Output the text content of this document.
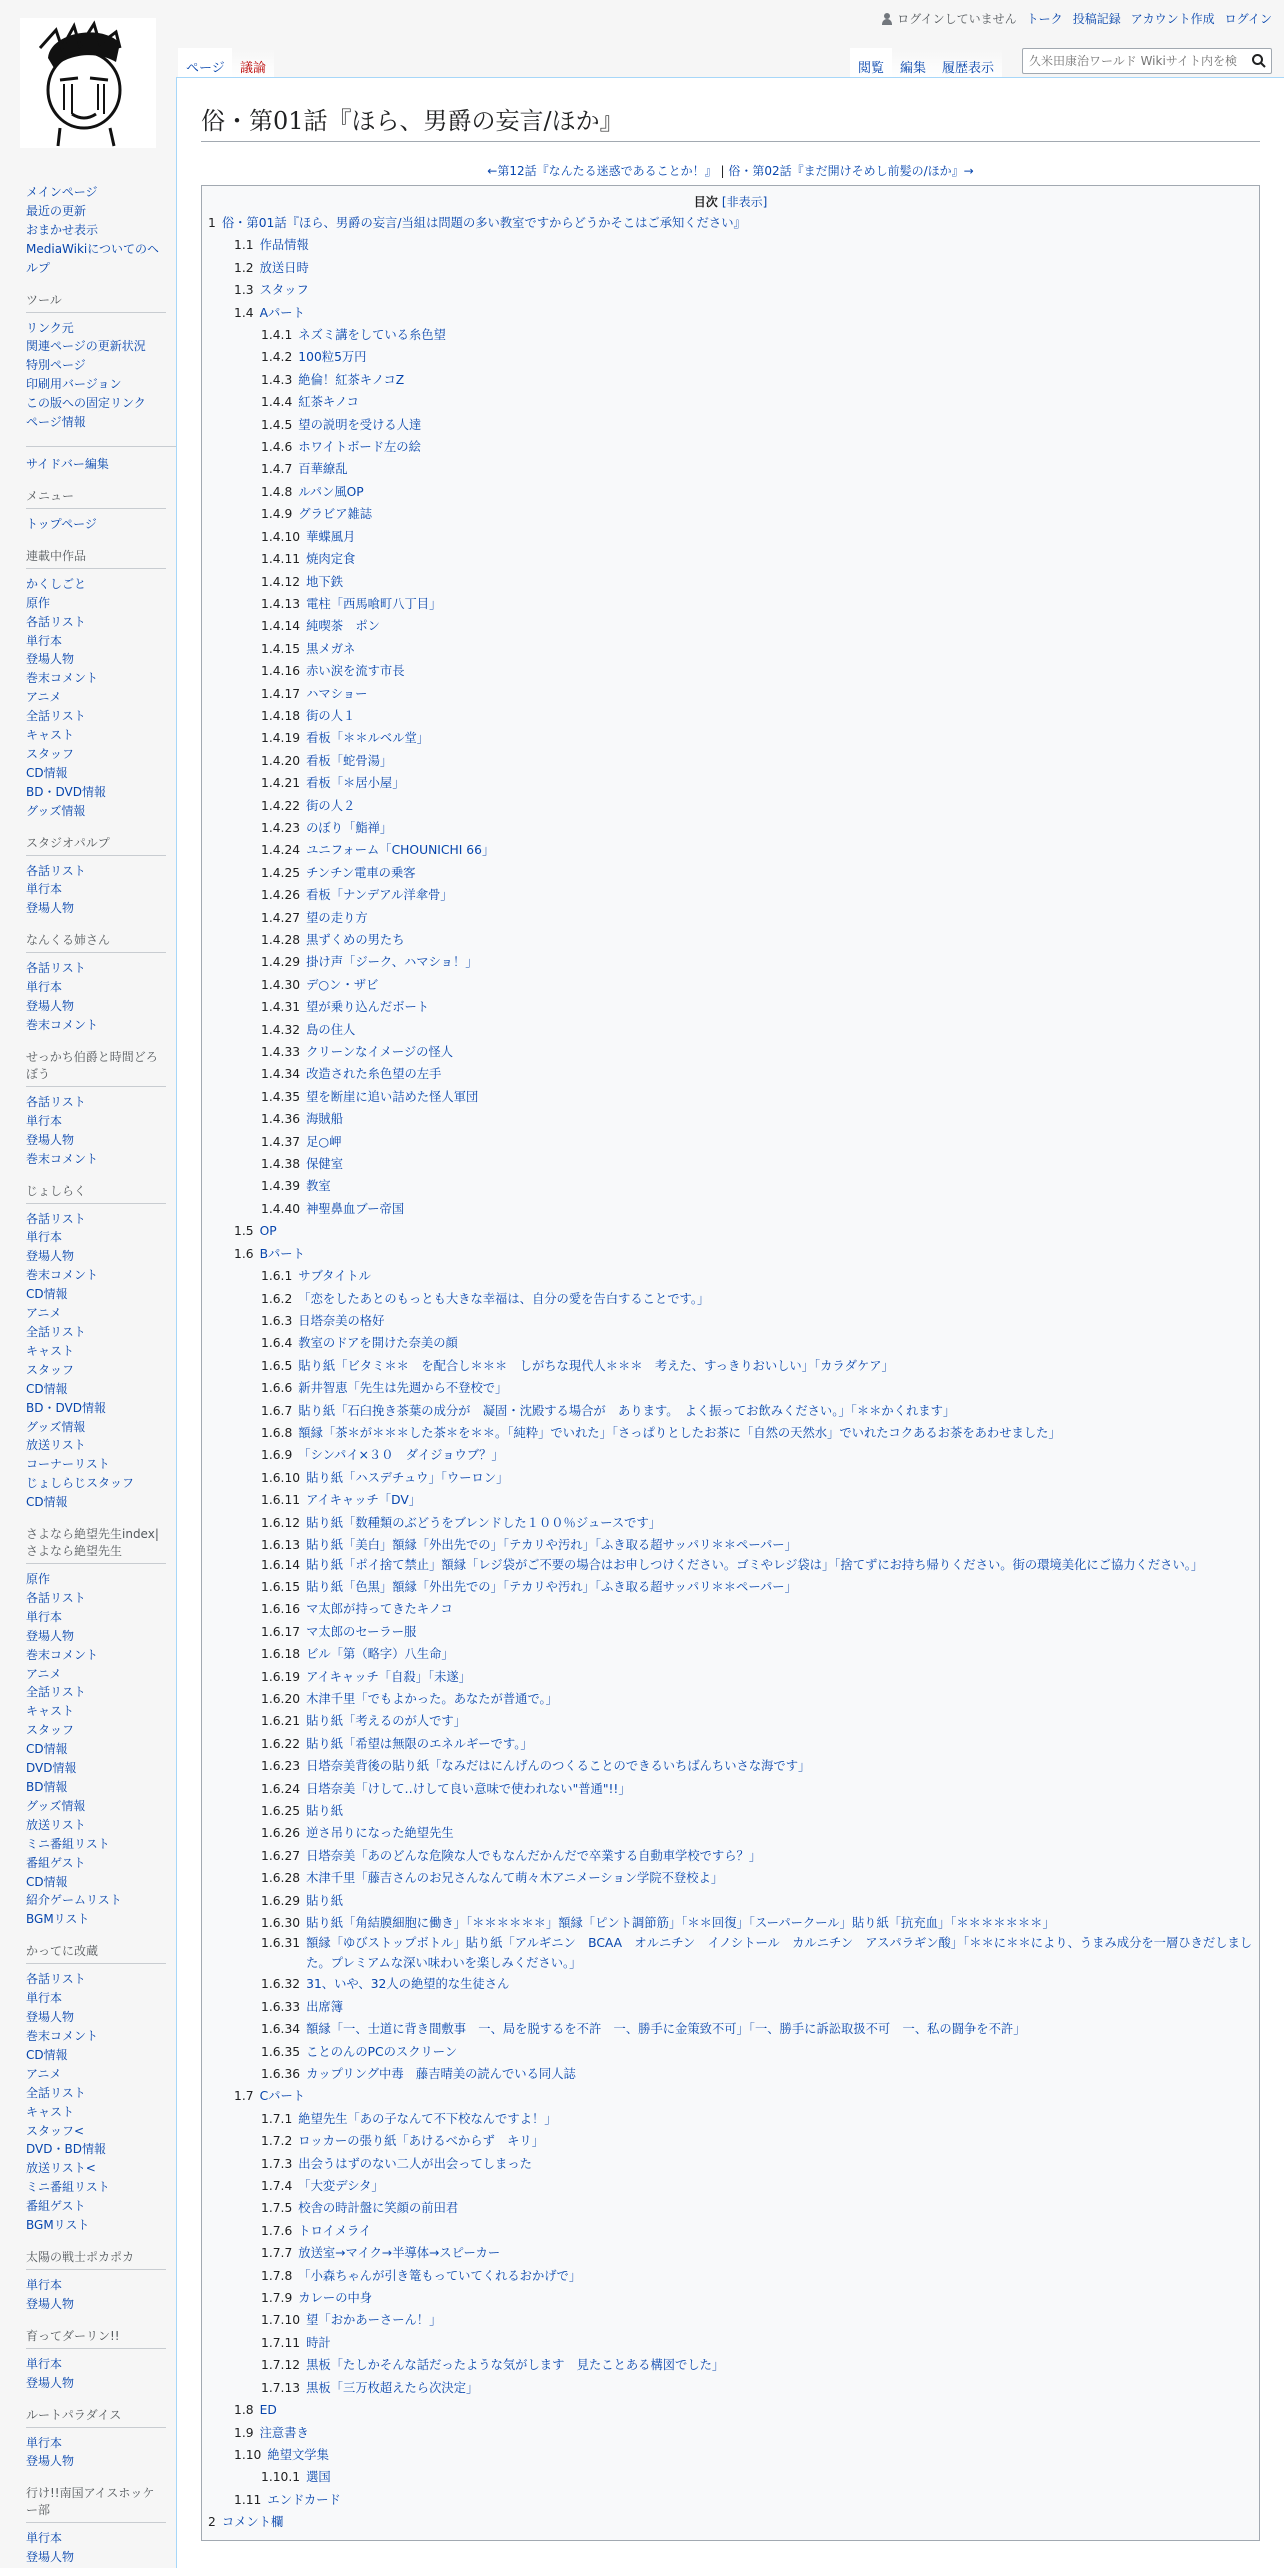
ログインしていません トーク 投稿記録 アカウント作成 ログイン
ページ	議論	閲覧	編集	履歴表示
久米田康治ワールド Wikiサイト内を検索
メインページ
最近の更新
おまかせ表示
MediaWikiについてのヘルプ
ツール
リンク元
関連ページの更新状況
特別ページ
印刷用バージョン
この版への固定リンク
ページ情報
サイドバー編集
メニュー
トップページ
連載中作品
かくしごと
原作
各話リスト
単行本
登場人物
巻末コメント
アニメ
全話リスト
キャスト
スタッフ
CD情報
BD・DVD情報
グッズ情報
スタジオパルプ
各話リスト
単行本
登場人物
なんくる姉さん
各話リスト
単行本
登場人物
巻末コメント
せっかち伯爵と時間どろぼう
各話リスト
単行本
登場人物
巻末コメント
じょしらく
各話リスト
単行本
登場人物
巻末コメント
CD情報
アニメ
全話リスト
キャスト
スタッフ
CD情報
BD・DVD情報
グッズ情報
放送リスト
コーナーリスト
じょしらじスタッフ
CD情報
さよなら絶望先生index|さよなら絶望先生
原作
各話リスト
単行本
登場人物
巻末コメント
アニメ
全話リスト
キャスト
スタッフ
CD情報
DVD情報
BD情報
グッズ情報
放送リスト
ミニ番組リスト
番組ゲスト
CD情報
紹介ゲームリスト
BGMリスト
かってに改蔵
各話リスト
単行本
登場人物
巻末コメント
CD情報
アニメ
全話リスト
キャスト
スタッフ<
DVD・BD情報
放送リスト<
ミニ番組リスト
番組ゲスト
BGMリスト
太陽の戦士ポカポカ
単行本
登場人物
育ってダーリン!!
単行本
登場人物
ルートパラダイス
単行本
登場人物
行け!!南国アイスホッケー部
単行本
登場人物
俗・第01話『ほら、男爵の妄言/ほか』
←第12話『なんたる迷惑であることか！』 | 俗・第02話『まだ開けそめし前髪の/ほか』→
目次 [非表示]
1 俗・第01話『ほら、男爵の妄言/当組は問題の多い教室ですからどうかそこはご承知ください』
1.1 作品情報
1.2 放送日時
1.3 スタッフ
1.4 Aパート
1.4.1 ネズミ講をしている糸色望
1.4.2 100粒5万円
1.4.3 絶倫！紅茶キノコZ
1.4.4 紅茶キノコ
1.4.5 望の説明を受ける人達
1.4.6 ホワイトボード左の絵
1.4.7 百華繚乱
1.4.8 ルパン風OP
1.4.9 グラビア雑誌
1.4.10 華蝶風月
1.4.11 焼肉定食
1.4.12 地下鉄
1.4.13 電柱「西馬喰町八丁目」
1.4.14 純喫茶　ポン
1.4.15 黒メガネ
1.4.16 赤い涙を流す市長
1.4.17 ハマショー
1.4.18 街の人１
1.4.19 看板「＊＊ルベル堂」
1.4.20 看板「蛇骨湯」
1.4.21 看板「＊居小屋」
1.4.22 街の人２
1.4.23 のぼり「鮨禅」
1.4.24 ユニフォーム「CHOUNICHI 66」
1.4.25 チンチン電車の乗客
1.4.26 看板「ナンデアル洋傘骨」
1.4.27 望の走り方
1.4.28 黒ずくめの男たち
1.4.29 掛け声「ジーク、ハマショ！」
1.4.30 デ○ン・ザビ
1.4.31 望が乗り込んだボート
1.4.32 島の住人
1.4.33 クリーンなイメージの怪人
1.4.34 改造された糸色望の左手
1.4.35 望を断崖に追い詰めた怪人軍団
1.4.36 海賊船
1.4.37 足○岬
1.4.38 保健室
1.4.39 教室
1.4.40 神聖鼻血ブー帝国
1.5 OP
1.6 Bパート
1.6.1 サブタイトル
1.6.2 「恋をしたあとのもっとも大きな幸福は、自分の愛を告白することです。」
1.6.3 日塔奈美の格好
1.6.4 教室のドアを開けた奈美の顔
1.6.5 貼り紙「ビタミ＊＊　を配合し＊＊＊　しがちな現代人＊＊＊　考えた、すっきりおいしい」「カラダケア」
1.6.6 新井智恵「先生は先週から不登校で」
1.6.7 貼り紙「石臼挽き茶葉の成分が　凝固・沈殿する場合が　あります。　よく振ってお飲みください。」「＊＊かくれます」
1.6.8 額縁「茶＊が＊＊＊した茶＊を＊＊。「純粋」でいれた」「さっぱりとしたお茶に「自然の天然水」でいれたコクあるお茶をあわせました」
1.6.9 「シンパイ×３０　ダイジョウブ？」
1.6.10 貼り紙「ハスデチュウ」「ウーロン」
1.6.11 アイキャッチ「DV」
1.6.12 貼り紙「数種類のぶどうをブレンドした１００％ジュースです」
1.6.13 貼り紙「美白」額縁「外出先での」「テカリや汚れ」「ふき取る超サッパリ＊＊ペーパー」
1.6.14 貼り紙「ポイ捨て禁止」額縁「レジ袋がご不要の場合はお申しつけください。ゴミやレジ袋は」「捨てずにお持ち帰りください。街の環境美化にご協力ください。」
1.6.15 貼り紙「色黒」額縁「外出先での」「テカリや汚れ」「ふき取る超サッパリ＊＊ペーパー」
1.6.16 マ太郎が持ってきたキノコ
1.6.17 マ太郎のセーラー服
1.6.18 ビル「第（略字）八生命」
1.6.19 アイキャッチ「自殺」「未遂」
1.6.20 木津千里「でもよかった。あなたが普通で。」
1.6.21 貼り紙「考えるのが人です」
1.6.22 貼り紙「希望は無限のエネルギーです。」
1.6.23 日塔奈美背後の貼り紙「なみだはにんげんのつくることのできるいちばんちいさな海です」
1.6.24 日塔奈美「けして‥けして良い意味で使われない"普通"!!」
1.6.25 貼り紙
1.6.26 逆さ吊りになった絶望先生
1.6.27 日塔奈美「あのどんな危険な人でもなんだかんだで卒業する自動車学校ですら？」
1.6.28 木津千里「藤吉さんのお兄さんなんて萌々木アニメーション学院不登校よ」
1.6.29 貼り紙
1.6.30 貼り紙「角結膜細胞に働き」「＊＊＊＊＊＊」額縁「ピント調節筋」「＊＊回復」「スーパークール」貼り紙「抗充血」「＊＊＊＊＊＊＊」
1.6.31 額縁「ゆびストップボトル」貼り紙「アルギニン　BCAA　オルニチン　イノシトール　カルニチン　アスパラギン酸」「＊＊に＊＊により、うまみ成分を一層ひきだしました。プレミアムな深い味わいを楽しみください。」
1.6.32 31、いや、32人の絶望的な生徒さん
1.6.33 出席簿
1.6.34 額縁「一、士道に背き間敷事　一、局を脱するを不許　一、勝手に金策致不可」「一、勝手に訴訟取扱不可　一、私の闘争を不許」
1.6.35 ことのんのPCのスクリーン
1.6.36 カップリング中毒　藤吉晴美の読んでいる同人誌
1.7 Cパート
1.7.1 絶望先生「あの子なんて不下校なんですよ！」
1.7.2 ロッカーの張り紙「あけるべからず　キリ」
1.7.3 出会うはずのない二人が出会ってしまった
1.7.4 「大変デシタ」
1.7.5 校舎の時計盤に笑顔の前田君
1.7.6 トロイメライ
1.7.7 放送室→マイク→半導体→スピーカー
1.7.8 「小森ちゃんが引き篭もっていてくれるおかげで」
1.7.9 カレーの中身
1.7.10 望「おかあーさーん！」
1.7.11 時計
1.7.12 黒板「たしかそんな話だったような気がします　見たことある構図でした」
1.7.13 黒板「三万枚超えたら次決定」
1.8 ED
1.9 注意書き
1.10 絶望文学集
1.10.1 選国
1.11 エンドカード
2 コメント欄
